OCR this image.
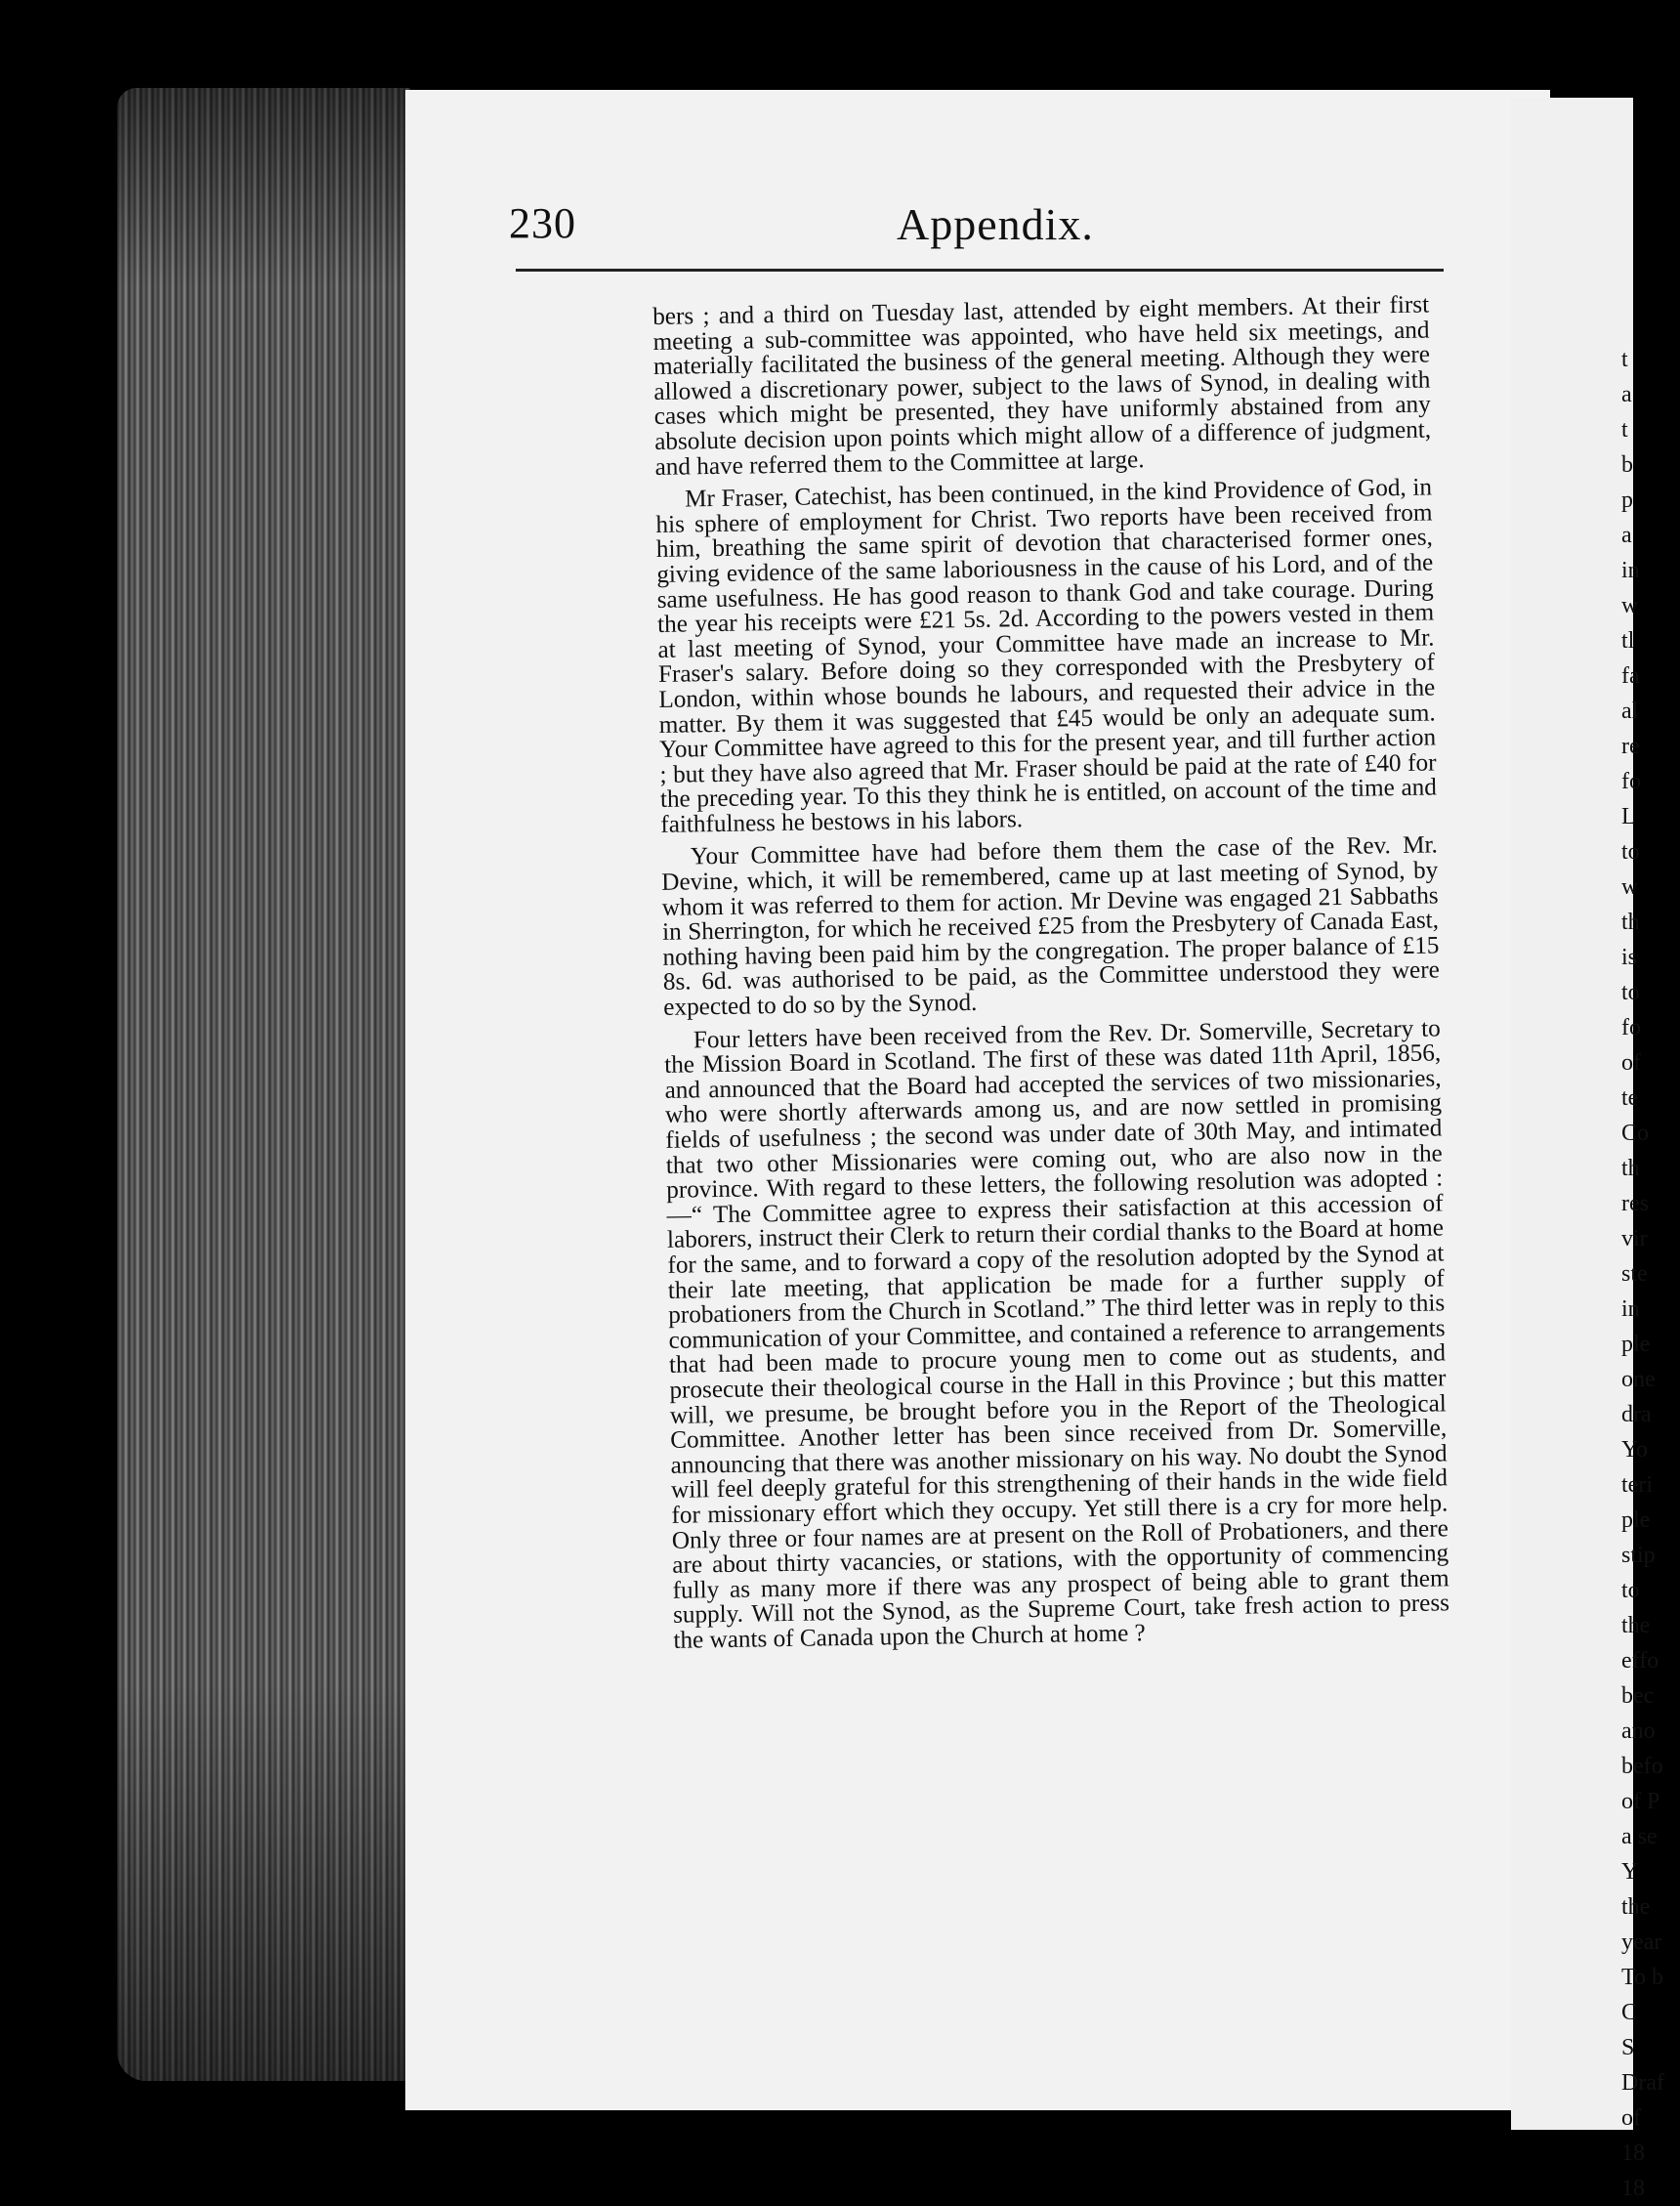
230	Appendix.

bers ; and a third on Tuesday last, attended by eight members. At their first meeting a sub-committee was appointed, who have held six meetings, and materially facilitated the business of the general meeting. Although they were allowed a discretionary power, subject to the laws of Synod, in dealing with cases which might be presented, they have uniformly abstained from any absolute decision upon points which might allow of a difference of judgment, and have referred them to the Committee at large.

Mr Fraser, Catechist, has been continued, in the kind Providence of God, in his sphere of employment for Christ. Two reports have been received from him, breathing the same spirit of devotion that characterised former ones, giving evidence of the same laboriousness in the cause of his Lord, and of the same usefulness. He has good reason to thank God and take courage. During the year his receipts were £21 5s. 2d. According to the powers vested in them at last meeting of Synod, your Committee have made an increase to Mr. Fraser's salary. Before doing so they corresponded with the Presbytery of London, within whose bounds he labours, and requested their advice in the matter. By them it was suggested that £45 would be only an adequate sum. Your Committee have agreed to this for the present year, and till further action ; but they have also agreed that Mr. Fraser should be paid at the rate of £40 for the preceding year. To this they think he is entitled, on account of the time and faithfulness he bestows in his labors.

Your Committee have had before them them the case of the Rev. Mr. Devine, which, it will be remembered, came up at last meeting of Synod, by whom it was referred to them for action. Mr Devine was engaged 21 Sabbaths in Sherrington, for which he received £25 from the Presbytery of Canada East, nothing having been paid him by the congregation. The proper balance of £15 8s. 6d. was authorised to be paid, as the Committee understood they were expected to do so by the Synod.

Four letters have been received from the Rev. Dr. Somerville, Secretary to the Mission Board in Scotland. The first of these was dated 11th April, 1856, and announced that the Board had accepted the services of two missionaries, who were shortly afterwards among us, and are now settled in promising fields of usefulness ; the second was under date of 30th May, and intimated that two other Missionaries were coming out, who are also now in the province. With regard to these letters, the following resolution was adopted :—“ The Committee agree to express their satisfaction at this accession of laborers, instruct their Clerk to return their cordial thanks to the Board at home for the same, and to forward a copy of the resolution adopted by the Synod at their late meeting, that application be made for a further supply of probationers from the Church in Scotland.” The third letter was in reply to this communication of your Committee, and contained a reference to arrangements that had been made to procure young men to come out as students, and prosecute their theological course in the Hall in this Province ; but this matter will, we presume, be brought before you in the Report of the Theological Committee. Another letter has been since received from Dr. Somerville, announcing that there was another missionary on his way. No doubt the Synod will feel deeply grateful for this strengthening of their hands in the wide field for missionary effort which they occupy. Yet still there is a cry for more help. Only three or four names are at present on the Roll of Probationers, and there are about thirty vacancies, or stations, with the opportunity of commencing fully as many more if there was any prospect of being able to grant them supply. Will not the Synod, as the Supreme Court, take fresh action to press the wants of Canada upon the Church at home ?

t
a
t
b
p
a
in
w
tl
fa
al
re
fo
L
to
w
th
is
to
fo
of
te
Co
th
res
vir
ste
in
ple
one
dra
Yo
teri
ple
stip
to
the
effo
bec
ano
befo
of P
a se
Y
the
year
To b
C
S
Draf
of
18
18
